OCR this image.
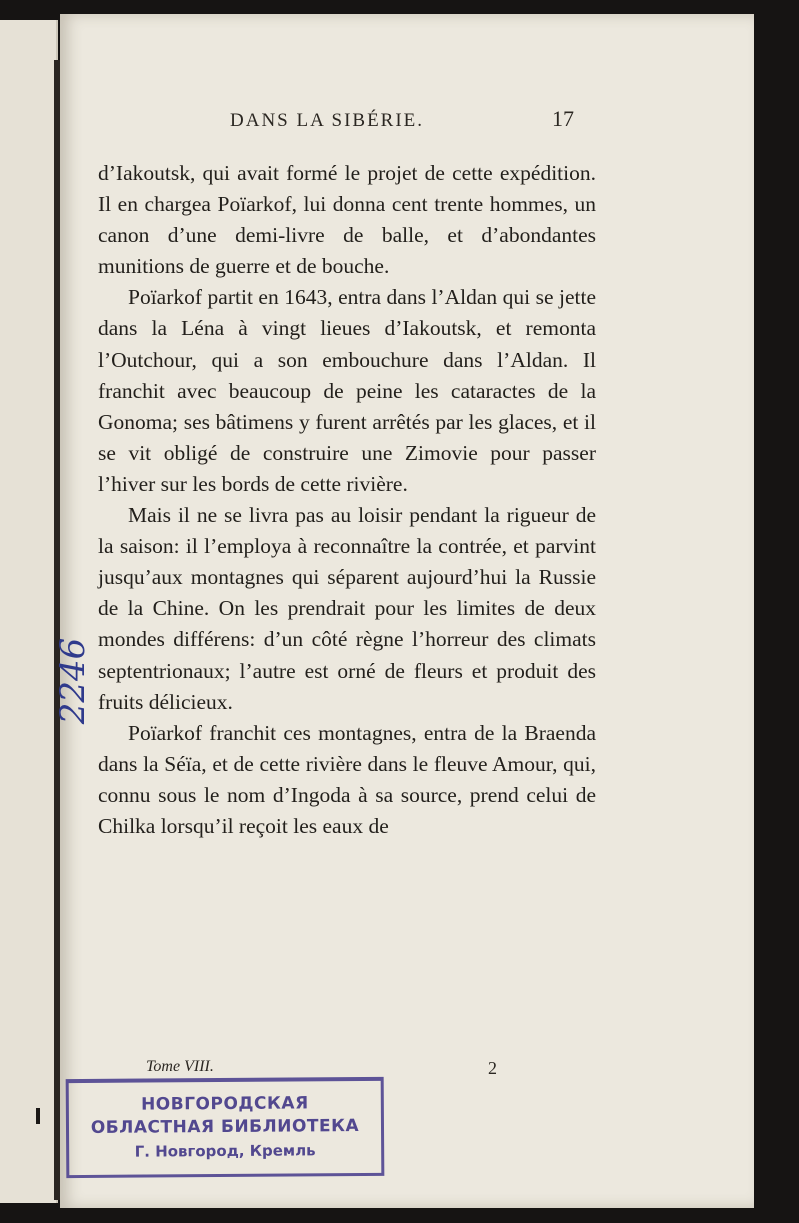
DANS LA SIBÉRIE.	17

d’Iakoutsk, qui avait formé le projet de cette expédition. Il en chargea Poïarkof, lui donna cent trente hommes, un canon d’une demi-livre de balle, et d’abondantes munitions de guerre et de bouche.

Poïarkof partit en 1643, entra dans l’Aldan qui se jette dans la Léna à vingt lieues d’Iakoutsk, et remonta l’Outchour, qui a son embouchure dans l’Aldan. Il franchit avec beaucoup de peine les cataractes de la Gonoma; ses bâtimens y furent arrêtés par les glaces, et il se vit obligé de construire une Zimovie pour passer l’hiver sur les bords de cette rivière.

Mais il ne se livra pas au loisir pendant la rigueur de la saison: il l’employa à reconnaître la contrée, et parvint jusqu’aux montagnes qui séparent aujourd’hui la Russie de la Chine. On les prendrait pour les limites de deux mondes différens: d’un côté règne l’horreur des climats septentrionaux; l’autre est orné de fleurs et produit des fruits délicieux.

Poïarkof franchit ces montagnes, entra de la Braenda dans la Séïa, et de cette rivière dans le fleuve Amour, qui, connu sous le nom d’Ingoda à sa source, prend celui de Chilka lorsqu’il reçoit les eaux de

2246
Tome VIII.	2
НОВГОРОДСКАЯ
ОБЛАСТНАЯ БИБЛИОТЕКА
Г. Новгород, Кремль
